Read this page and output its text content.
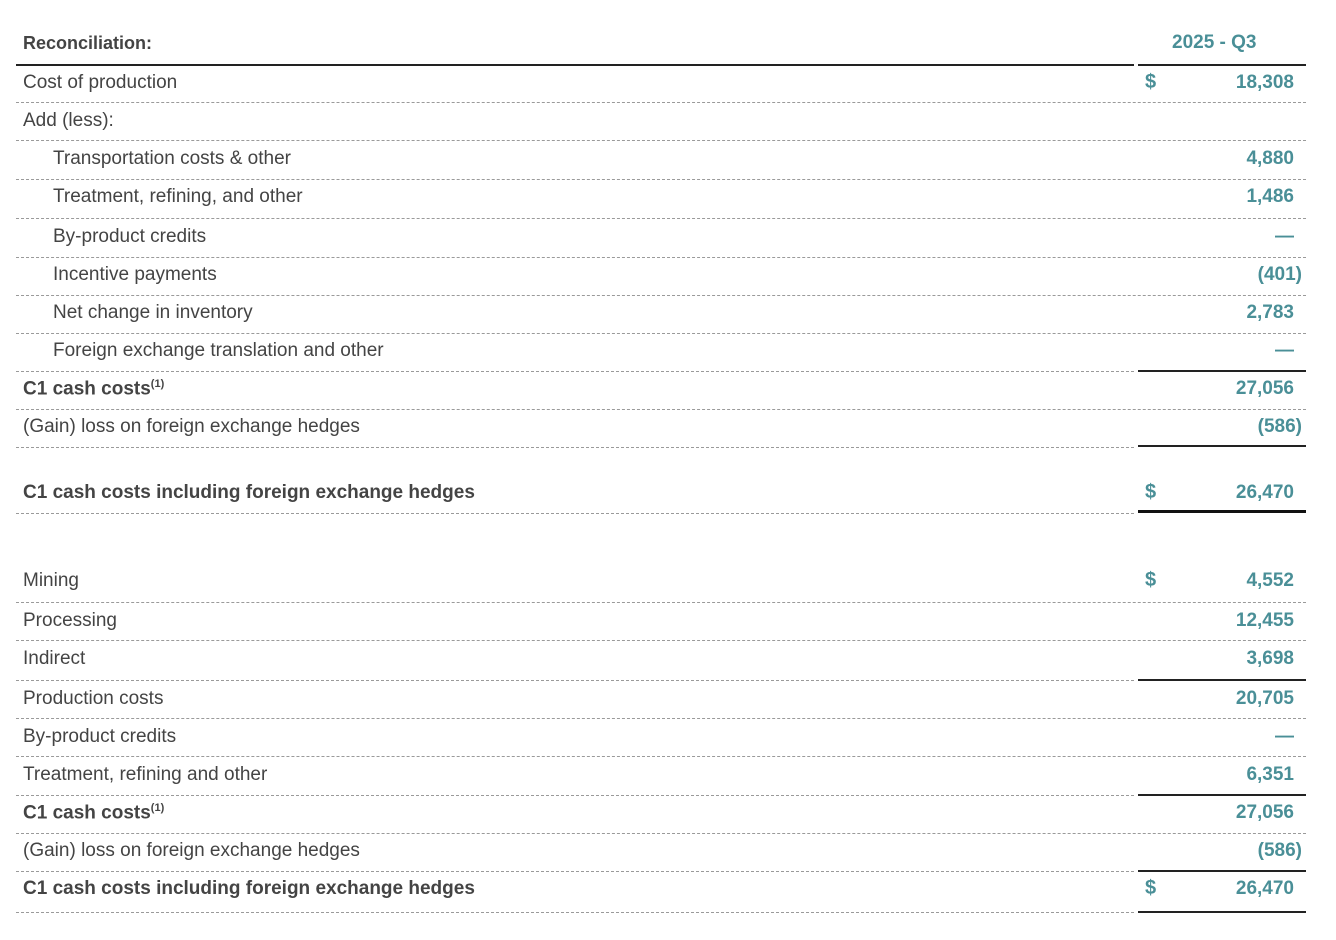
Reconciliation:	2025 - Q3
Cost of production	$	18,308
Add (less):
Transportation costs & other	4,880
Treatment, refining, and other	1,486
By-product credits	—
Incentive payments	(401)
Net change in inventory	2,783
Foreign exchange translation and other	—
C1 cash costs$^{(1)}$	27,056
(Gain) loss on foreign exchange hedges	(586)
C1 cash costs including foreign exchange hedges	$	26,470
Mining	$	4,552
Processing	12,455
Indirect	3,698
Production costs	20,705
By-product credits	—
Treatment, refining and other	6,351
C1 cash costs$^{(1)}$	27,056
(Gain) loss on foreign exchange hedges	(586)
C1 cash costs including foreign exchange hedges	$	26,470
